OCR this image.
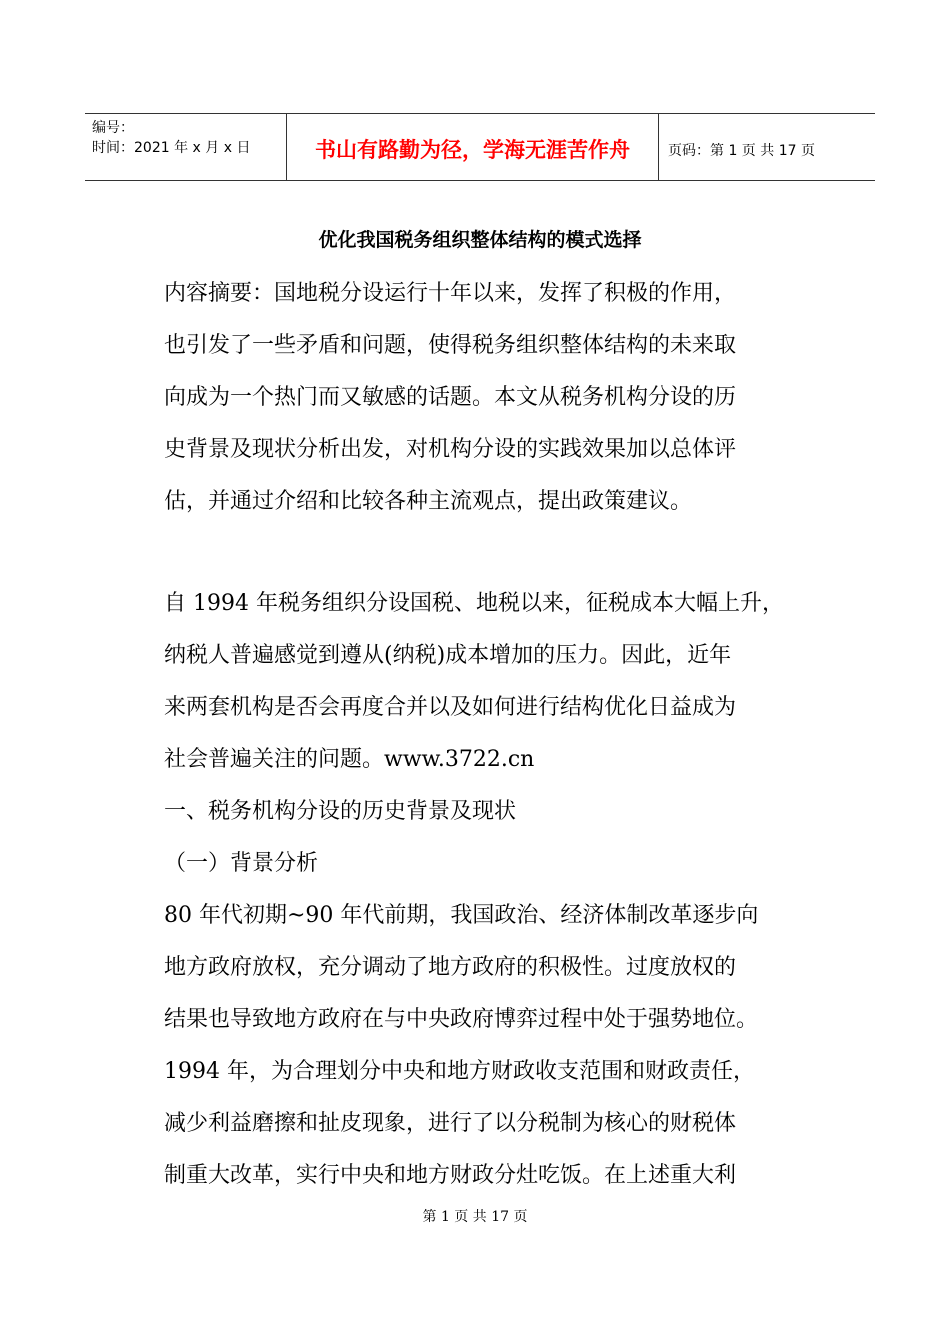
编号：
时间：2021 年 x 月 x 日	书山有路勤为径，学海无涯苦作舟	页码：第 1 页 共 17 页
优化我国税务组织整体结构的模式选择
内容摘要：国地税分设运行十年以来，发挥了积极的作用，
也引发了一些矛盾和问题，使得税务组织整体结构的未来取
向成为一个热门而又敏感的话题。本文从税务机构分设的历
史背景及现状分析出发，对机构分设的实践效果加以总体评
估，并通过介绍和比较各种主流观点，提出政策建议。
自 1994 年税务组织分设国税、地税以来，征税成本大幅上升，
纳税人普遍感觉到遵从(纳税)成本增加的压力。因此，近年
来两套机构是否会再度合并以及如何进行结构优化日益成为
社会普遍关注的问题。www.3722.cn
一、税务机构分设的历史背景及现状
（一）背景分析
80 年代初期~90 年代前期，我国政治、经济体制改革逐步向
地方政府放权，充分调动了地方政府的积极性。过度放权的
结果也导致地方政府在与中央政府博弈过程中处于强势地位。
1994 年，为合理划分中央和地方财政收支范围和财政责任，
减少利益磨擦和扯皮现象，进行了以分税制为核心的财税体
制重大改革，实行中央和地方财政分灶吃饭。在上述重大利
第 1 页 共 17 页
